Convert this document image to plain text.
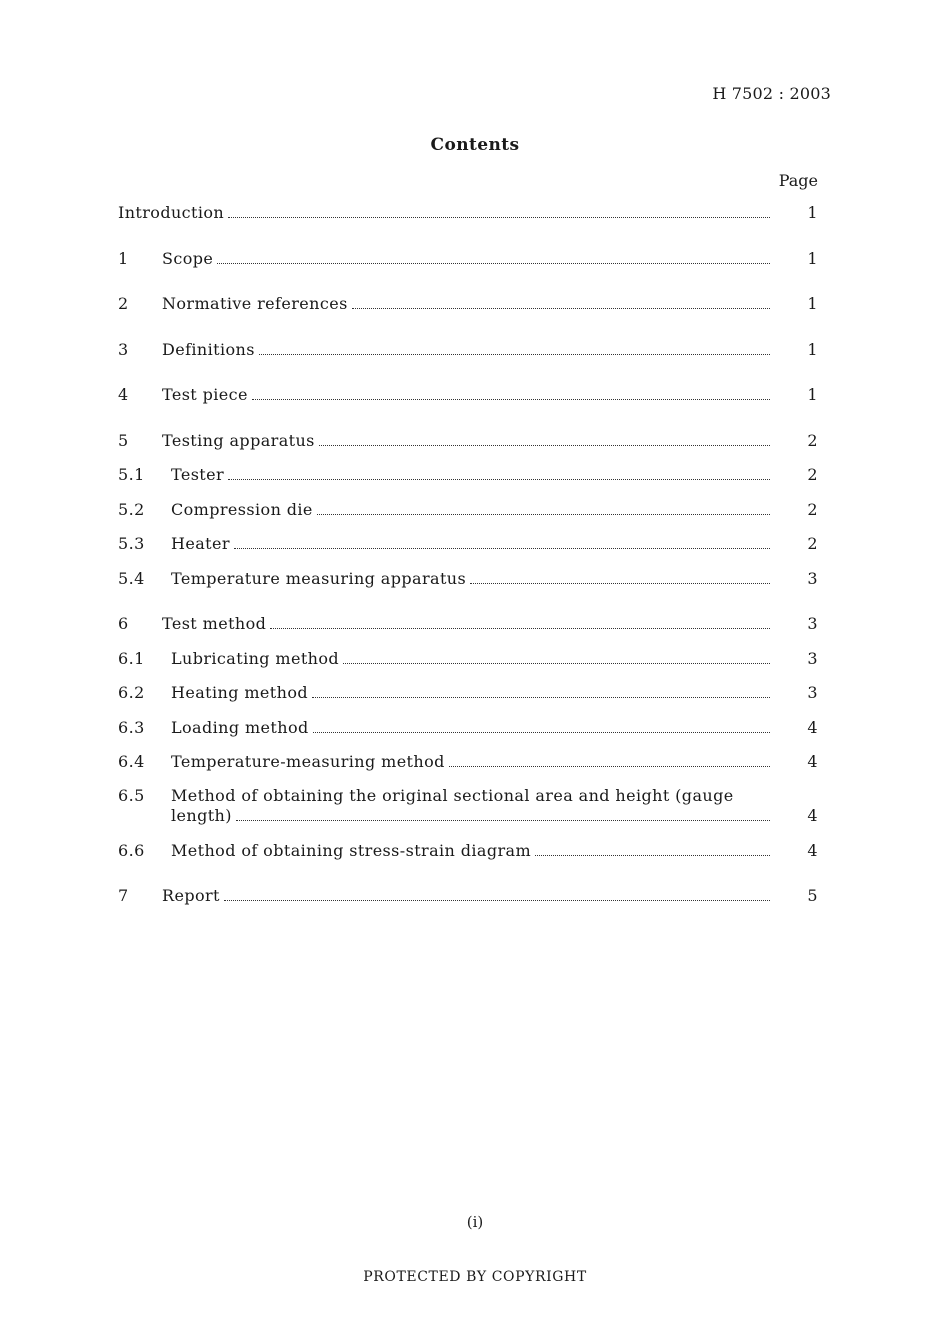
H 7502 : 2003
Contents
Page
Introduction	1
1	Scope	1
2	Normative references	1
3	Definitions	1
4	Test piece	1
5	Testing apparatus	2
5.1	Tester	2
5.2	Compression die	2
5.3	Heater	2
5.4	Temperature measuring apparatus	3
6	Test method	3
6.1	Lubricating method	3
6.2	Heating method	3
6.3	Loading method	4
6.4	Temperature-measuring method	4
6.5	Method of obtaining the original sectional area and height (gauge
length)	4
6.6	Method of obtaining stress-strain diagram	4
7	Report	5
(i)
PROTECTED BY COPYRIGHT
